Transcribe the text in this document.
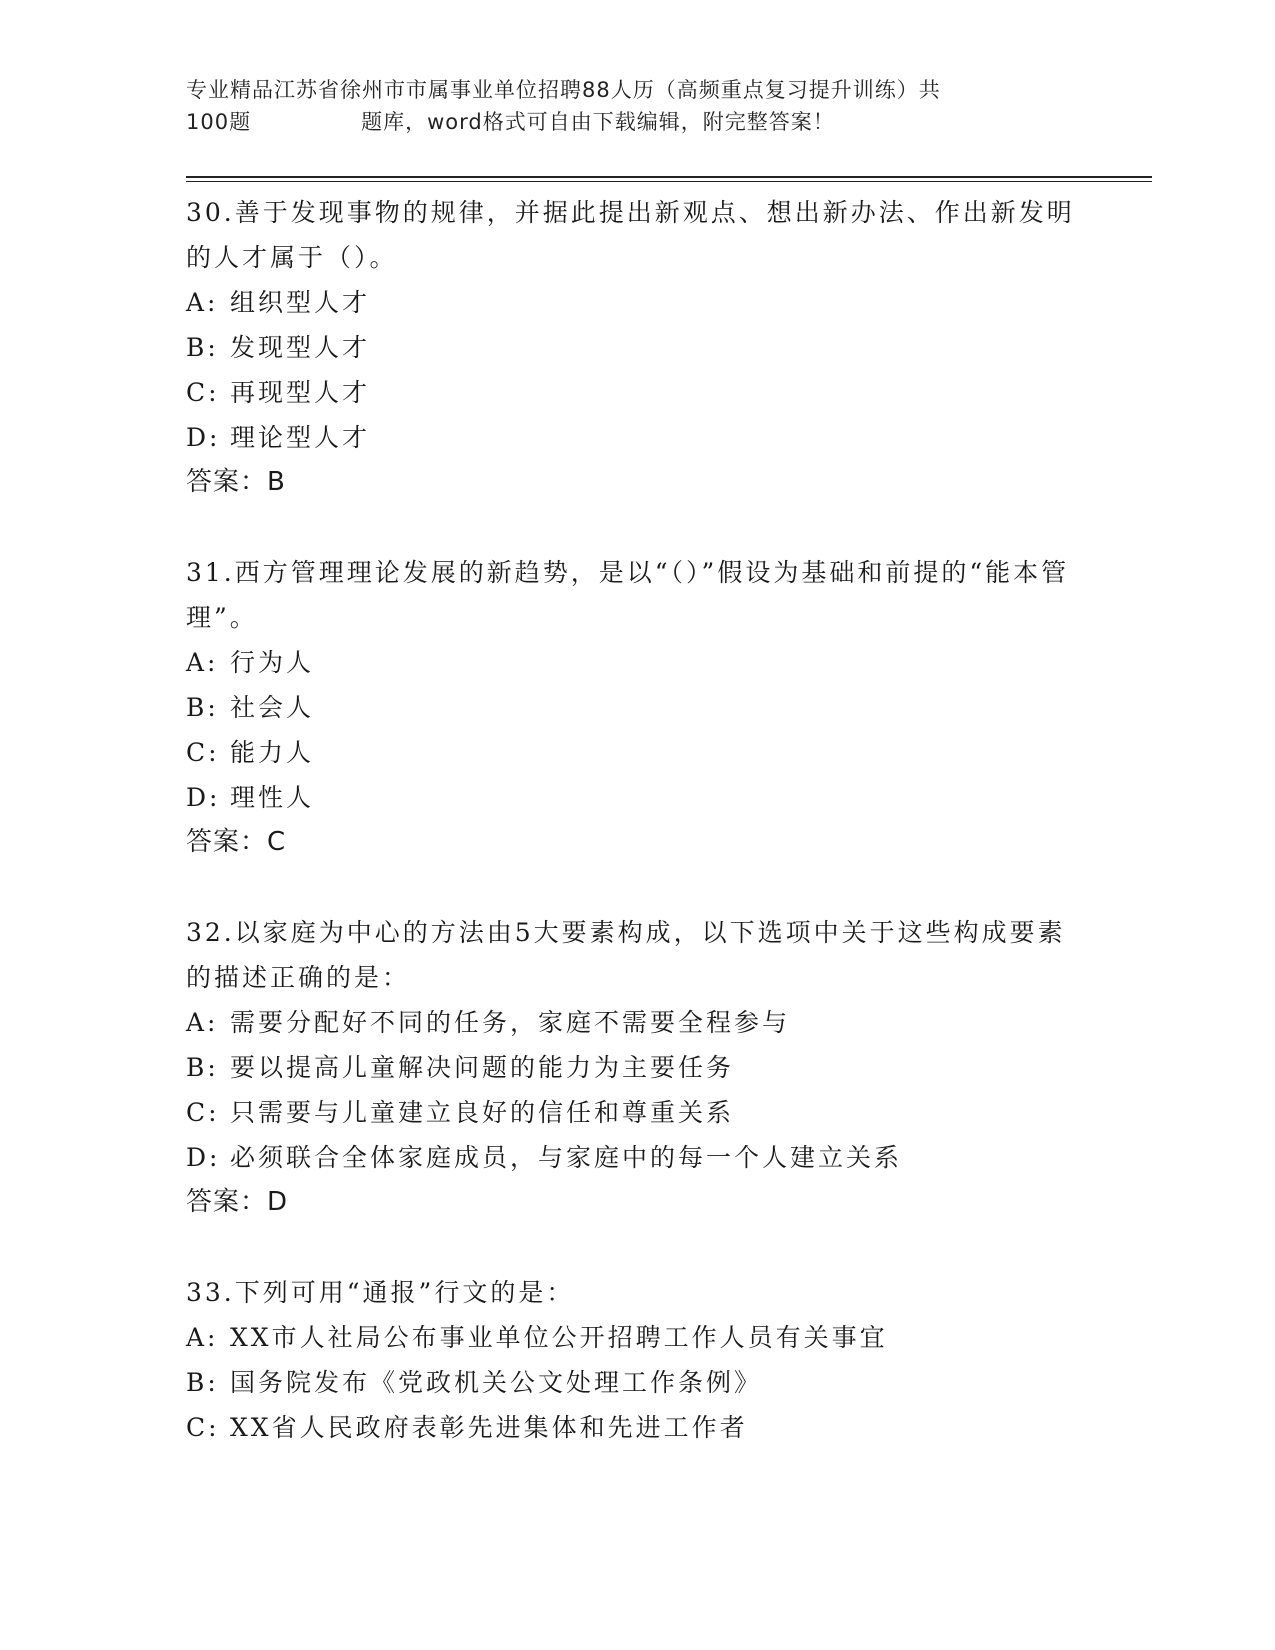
专业精品江苏省徐州市市属事业单位招聘88人历（高频重点复习提升训练）共
100题	题库，word格式可自由下载编辑，附完整答案！

30.善于发现事物的规律，并据此提出新观点、想出新办法、作出新发明的人才属于（）。

A: 组织型人才

B: 发现型人才

C: 再现型人才

D: 理论型人才

答案：B

31.西方管理理论发展的新趋势，是以“（）”假设为基础和前提的“能本管理”。

A: 行为人

B: 社会人

C: 能力人

D: 理性人

答案：C

32.以家庭为中心的方法由5大要素构成，以下选项中关于这些构成要素的描述正确的是：

A: 需要分配好不同的任务，家庭不需要全程参与

B: 要以提高儿童解决问题的能力为主要任务

C: 只需要与儿童建立良好的信任和尊重关系

D: 必须联合全体家庭成员，与家庭中的每一个人建立关系

答案：D

33.下列可用“通报”行文的是：

A: XX市人社局公布事业单位公开招聘工作人员有关事宜

B: 国务院发布《党政机关公文处理工作条例》

C: XX省人民政府表彰先进集体和先进工作者
